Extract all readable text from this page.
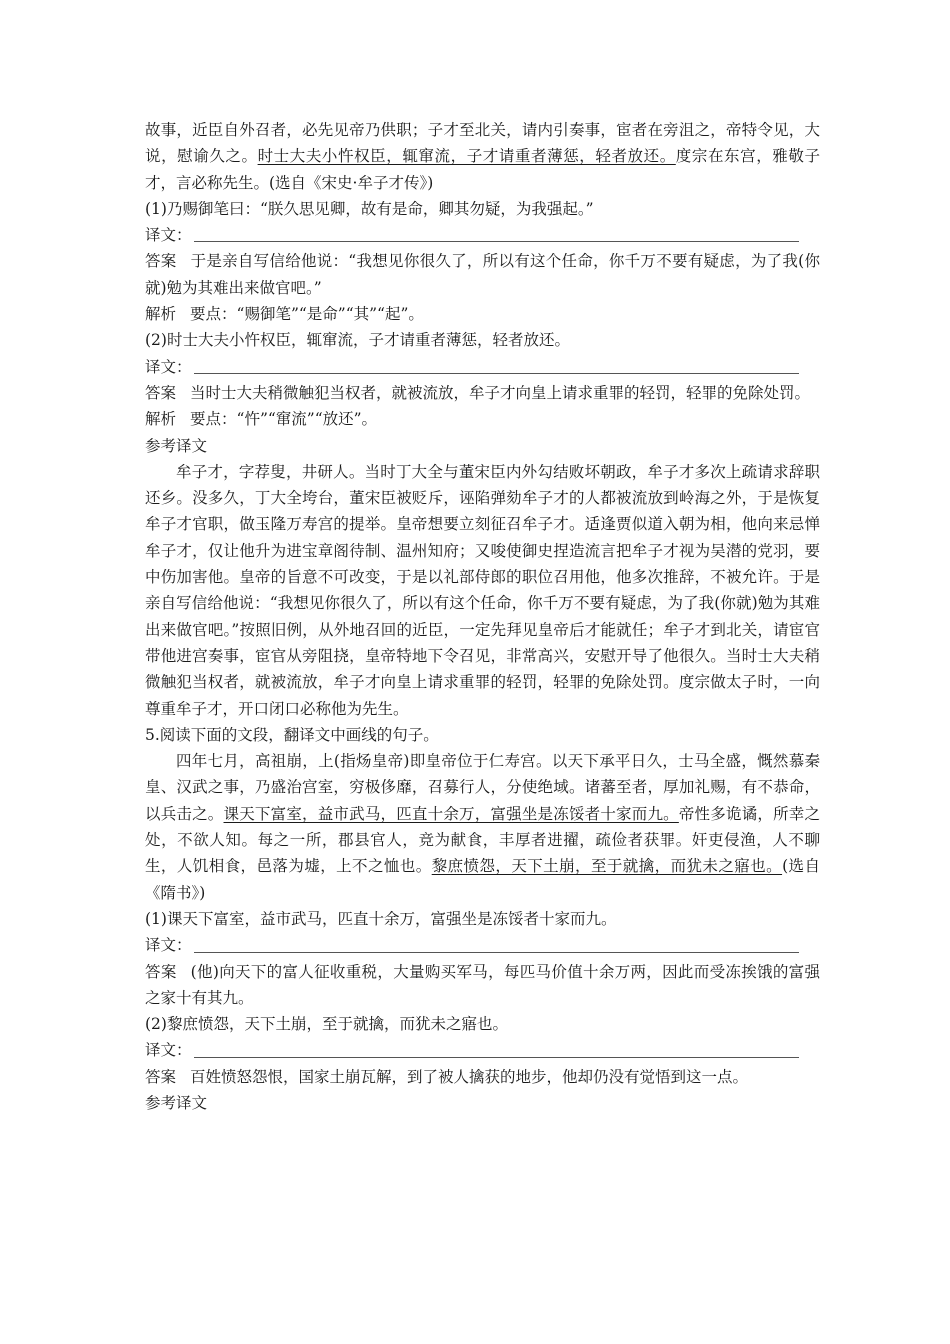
故事，近臣自外召者，必先见帝乃供职；子才至北关，请内引奏事，宦者在旁沮之，帝特令见，大说，慰谕久之。时士大夫小忤权臣，辄窜流，子才请重者薄惩，轻者放还。度宗在东宫，雅敬子才，言必称先生。(选自《宋史·牟子才传》)

(1)乃赐御笔曰：“朕久思见卿，故有是命，卿其勿疑，为我强起。”

译文：

答案 于是亲自写信给他说：“我想见你很久了，所以有这个任命，你千万不要有疑虑，为了我(你就)勉为其难出来做官吧。”

解析 要点：“赐御笔”“是命”“其”“起”。

(2)时士大夫小忤权臣，辄窜流，子才请重者薄惩，轻者放还。

译文：

答案 当时士大夫稍微触犯当权者，就被流放，牟子才向皇上请求重罪的轻罚，轻罪的免除处罚。

解析 要点：“忤”“窜流”“放还”。

参考译文

牟子才，字荐叟，井研人。当时丁大全与董宋臣内外勾结败坏朝政，牟子才多次上疏请求辞职还乡。没多久，丁大全垮台，董宋臣被贬斥，诬陷弹劾牟子才的人都被流放到岭海之外，于是恢复牟子才官职，做玉隆万寿宫的提举。皇帝想要立刻征召牟子才。适逢贾似道入朝为相，他向来忌惮牟子才，仅让他升为进宝章阁待制、温州知府；又唆使御史捏造流言把牟子才视为吴潜的党羽，要中伤加害他。皇帝的旨意不可改变，于是以礼部侍郎的职位召用他，他多次推辞，不被允许。于是亲自写信给他说：“我想见你很久了，所以有这个任命，你千万不要有疑虑，为了我(你就)勉为其难出来做官吧。”按照旧例，从外地召回的近臣，一定先拜见皇帝后才能就任；牟子才到北关，请宦官带他进宫奏事，宦官从旁阻挠，皇帝特地下令召见，非常高兴，安慰开导了他很久。当时士大夫稍微触犯当权者，就被流放，牟子才向皇上请求重罪的轻罚，轻罪的免除处罚。度宗做太子时，一向尊重牟子才，开口闭口必称他为先生。

5.阅读下面的文段，翻译文中画线的句子。

四年七月，高祖崩，上(指炀皇帝)即皇帝位于仁寿宫。以天下承平日久，士马全盛，慨然慕秦皇、汉武之事，乃盛治宫室，穷极侈靡，召募行人，分使绝域。诸蕃至者，厚加礼赐，有不恭命，以兵击之。课天下富室，益市武马，匹直十余万，富强坐是冻馁者十家而九。帝性多诡谲，所幸之处，不欲人知。每之一所，郡县官人，竞为献食，丰厚者进擢，疏俭者获罪。奸吏侵渔，人不聊生，人饥相食，邑落为墟，上不之恤也。黎庶愤怨，天下土崩，至于就擒，而犹未之寤也。(选自《隋书》)

(1)课天下富室，益市武马，匹直十余万，富强坐是冻馁者十家而九。

译文：

答案 (他)向天下的富人征收重税，大量购买军马，每匹马价值十余万两，因此而受冻挨饿的富强之家十有其九。

(2)黎庶愤怨，天下土崩，至于就擒，而犹未之寤也。

译文：

答案 百姓愤怒怨恨，国家土崩瓦解，到了被人擒获的地步，他却仍没有觉悟到这一点。

参考译文
